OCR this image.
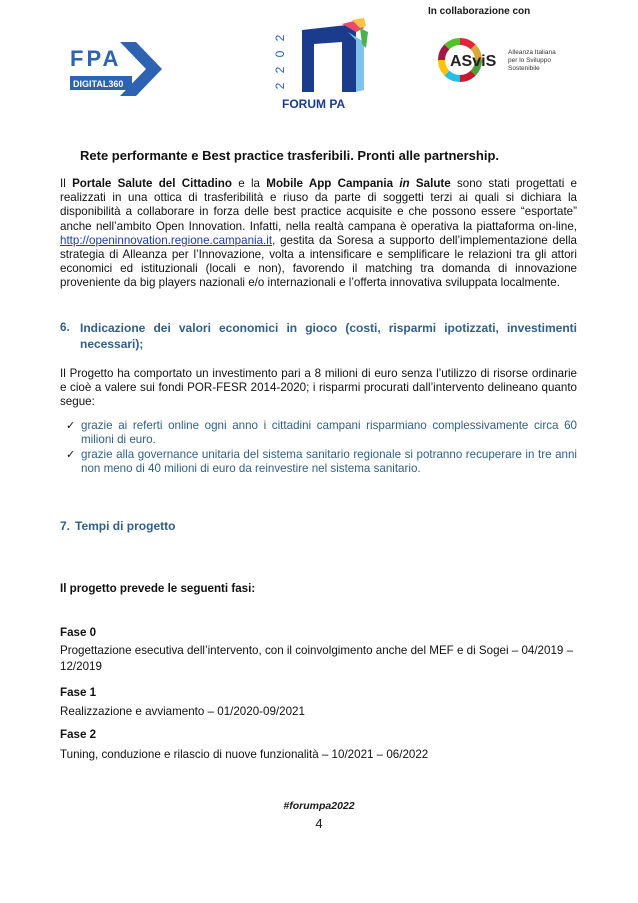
In collaborazione con
FPA
DIGITAL360
2
0
2
2
FORUM PA
ASviS
Alleanza Italiana
per lo Sviluppo
Sostenibile
Rete performante e Best practice trasferibili. Pronti alle partnership.
Il Portale Salute del Cittadino e la Mobile App Campania in Salute sono stati progettati e realizzati in una ottica di trasferibilità e riuso da parte di soggetti terzi ai quali si dichiara la disponibilità a collaborare in forza delle best practice acquisite e che possono essere “esportate” anche nell’ambito Open Innovation. Infatti, nella realtà campana è operativa la piattaforma on-line, http://openinnovation.regione.campania.it, gestita da Soresa a supporto dell’implementazione della strategia di Alleanza per l’Innovazione, volta a intensificare e semplificare le relazioni tra gli attori economici ed istituzionali (locali e non), favorendo il matching tra domanda di innovazione proveniente da big players nazionali e/o internazionali e l’offerta innovativa sviluppata localmente.
6. Indicazione dei valori economici in gioco (costi, risparmi ipotizzati, investimenti necessari);
Il Progetto ha comportato un investimento pari a 8 milioni di euro senza l’utilizzo di risorse ordinarie e cioè a valere sui fondi POR-FESR 2014-2020; i risparmi procurati dall’intervento delineano quanto segue:
✓ grazie ai referti online ogni anno i cittadini campani risparmiano complessivamente circa 60 milioni di euro.
✓ grazie alla governance unitaria del sistema sanitario regionale si potranno recuperare in tre anni non meno di 40 milioni di euro da reinvestire nel sistema sanitario.
7. Tempi di progetto
Il progetto prevede le seguenti fasi:
Fase 0
Progettazione esecutiva dell’intervento, con il coinvolgimento anche del MEF e di Sogei – 04/2019 – 12/2019
Fase 1
Realizzazione e avviamento – 01/2020-09/2021
Fase 2
Tuning, conduzione e rilascio di nuove funzionalità – 10/2021 – 06/2022
#forumpa2022
4
